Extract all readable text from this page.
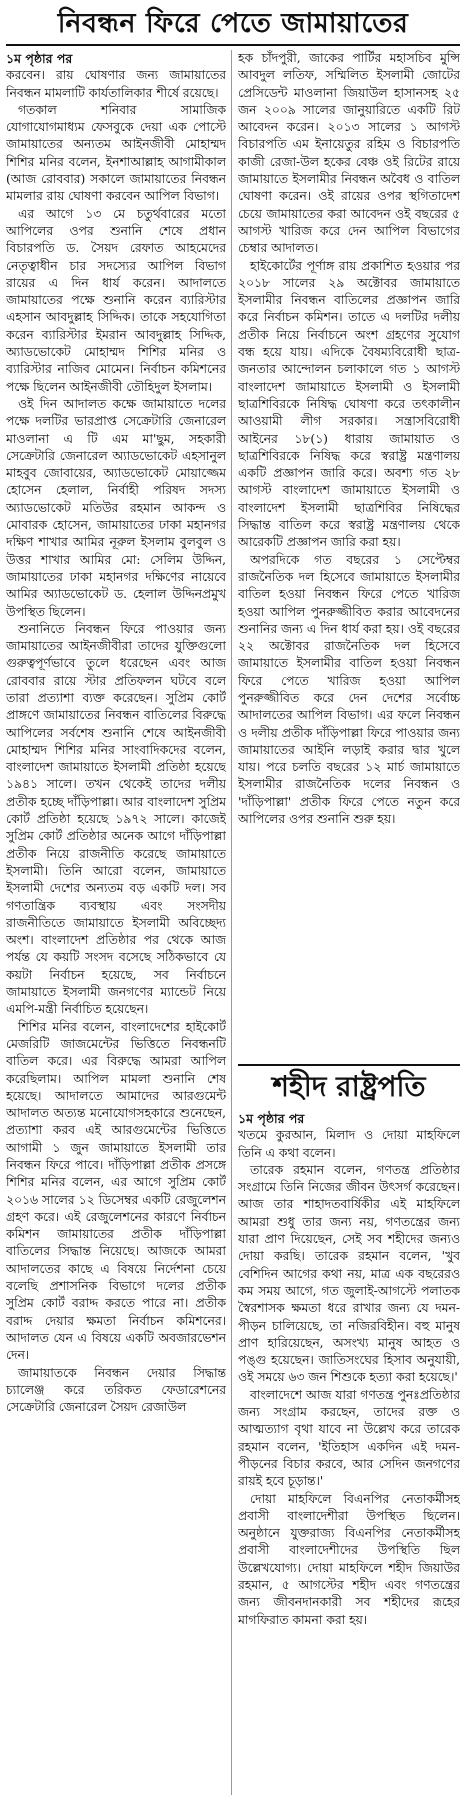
নিবন্ধন ফিরে পেতে জামায়াতের

১ম পৃষ্ঠার পর

করবেন। রায় ঘোষণার জন্য জামায়াতের নিবন্ধন মামলাটি কার্যতালিকার শীর্ষে রয়েছে।

গতকাল শনিবার সামাজিক যোগাযোগমাধ্যম ফেসবুকে দেয়া এক পোস্টে জামায়াতের অন্যতম আইনজীবী মোহাম্মদ শিশির মনির বলেন, ইনশাআল্লাহ আগামীকাল (আজ রোববার) সকালে জামায়াতের নিবন্ধন মামলার রায় ঘোষণা করবেন আপিল বিভাগ।

এর আগে ১৩ মে চতুর্থবারের মতো আপিলের ওপর শুনানি শেষে প্রধান বিচারপতি ড. সৈয়দ রেফাত আহমেদের নেতৃত্বাধীন চার সদস্যের আপিল বিভাগ রায়ের এ দিন ধার্য করেন। আদালতে জামায়াতের পক্ষে শুনানি করেন ব্যারিস্টার এহসান আবদুল্লাহ সিদ্দিক। তাকে সহযোগিতা করেন ব্যারিস্টার ইমরান আবদুল্লাহ সিদ্দিক, অ্যাডভোকেট মোহাম্মদ শিশির মনির ও ব্যারিস্টার নাজিব মোমেন। নির্বাচন কমিশনের পক্ষে ছিলেন আইনজীবী তৌহিদুল ইসলাম।

ওই দিন আদালত কক্ষে জামায়াতে দলের পক্ষে দলটির ভারপ্রাপ্ত সেক্রেটারি জেনারেল মাওলানা এ টি এম মা'ছুম, সহকারী সেক্রেটারি জেনারেল অ্যাডভোকেট এহসানুল মাহবুব জোবায়ের, অ্যাডভোকেট মোয়াজ্জেম হোসেন হেলাল, নির্বাহী পরিষদ সদস্য অ্যাডভোকেট মতিউর রহমান আকন্দ ও মোবারক হোসেন, জামায়াতের ঢাকা মহানগর দক্ষিণ শাখার আমির নূরুল ইসলাম বুলবুল ও উত্তর শাখার আমির মো: সেলিম উদ্দিন, জামায়াতের ঢাকা মহানগর দক্ষিণের নায়েবে আমির অ্যাডভোকেট ড. হেলাল উদ্দিনপ্রমুখ উপস্থিত ছিলেন।

শুনানিতে নিবন্ধন ফিরে পাওয়ার জন্য জামায়াতের আইনজীবীরা তাদের যুক্তিগুলো গুরুত্বপূর্ণভাবে তুলে ধরেছেন এবং আজ রোববার রায়ে স্টার প্রতিফলন ঘটবে বলে তারা প্রত্যাশা ব্যক্ত করেছেন। সুপ্রিম কোর্ট প্রাঙ্গণে জামায়াতের নিবন্ধন বাতিলের বিরুদ্ধে আপিলের সর্বশেষ শুনানি শেষে আইনজীবী মোহাম্মদ শিশির মনির সাংবাদিকদের বলেন, বাংলাদেশ জামায়াতে ইসলামী প্রতিষ্ঠা হয়েছে ১৯৪১ সালে। তখন থেকেই তাদের দলীয় প্রতীক হচ্ছে দাঁড়িপাল্লা। আর বাংলাদেশ সুপ্রিম কোর্ট প্রতিষ্ঠা হয়েছে ১৯৭২ সালে। কাজেই সুপ্রিম কোর্ট প্রতিষ্ঠার অনেক আগে দাঁড়িপাল্লা প্রতীক নিয়ে রাজনীতি করেছে জামায়াতে ইসলামী। তিনি আরো বলেন, জামায়াতে ইসলামী দেশের অন্যতম বড় একটি দল। সব গণতান্ত্রিক ব্যবস্থায় এবং সংসদীয় রাজনীতিতে জামায়াতে ইসলামী অবিচ্ছেদ্য অংশ। বাংলাদেশ প্রতিষ্ঠার পর থেকে আজ পর্যন্ত যে কয়টি সংসদ বসেছে সঠিকভাবে যে কয়টা নির্বাচন হয়েছে, সব নির্বাচনে জামায়াতে ইসলামী জনগণের ম্যান্ডেট নিয়ে এমপি-মন্ত্রী নির্বাচিত হয়েছেন।

শিশির মনির বলেন, বাংলাদেশের হাইকোর্ট মেজরিটি জাজমেন্টের ভিত্তিতে নিবন্ধনটি বাতিল করে। এর বিরুদ্ধে আমরা আপিল করেছিলাম। আপিল মামলা শুনানি শেষ হয়েছে। আদালতে আমাদের আরগুমেন্ট আদালত অত্যন্ত মনোযোগসহকারে শুনেছেন, প্রত্যাশা করব এই আরগুমেন্টের ভিত্তিতে আগামী ১ জুন জামায়াতে ইসলামী তার নিবন্ধন ফিরে পাবে। দাঁড়িপাল্লা প্রতীক প্রসঙ্গে শিশির মনির বলেন, এর আগে সুপ্রিম কোর্ট ২০১৬ সালের ১২ ডিসেম্বর একটি রেজুলেশন গ্রহণ করে। এই রেজুলেশনের কারণে নির্বাচন কমিশন জামায়াতের প্রতীক দাঁড়িপাল্লা বাতিলের সিদ্ধান্ত নিয়েছে। আজকে আমরা আদালতের কাছে এ বিষয়ে নির্দেশনা চেয়ে বলেছি প্রশাসনিক বিভাগে দলের প্রতীক সুপ্রিম কোর্ট বরাদ্দ করতে পারে না। প্রতীক বরাদ্দ দেয়ার ক্ষমতা নির্বাচন কমিশনের। আদালত যেন এ বিষয়ে একটি অবজারভেশন দেন।

জামায়াতকে নিবন্ধন দেয়ার সিদ্ধান্ত চ্যালেঞ্জ করে তরিকত ফেডারেশনের সেক্রেটারি জেনারেল সৈয়দ রেজাউল

হক চাঁদপুরী, জাকের পার্টির মহাসচিব মুন্সি আবদুল লতিফ, সম্মিলিত ইসলামী জোটের প্রেসিডেন্ট মাওলানা জিয়াউল হাসানসহ ২৫ জন ২০০৯ সালের জানুয়ারিতে একটি রিট আবেদন করেন। ২০১৩ সালের ১ আগস্ট বিচারপতি এম ইনায়েতুর রহিম ও বিচারপতি কাজী রেজা-উল হকের বেঞ্চ ওই রিটের রায়ে জামায়াতে ইসলামীর নিবন্ধন অবৈধ ও বাতিল ঘোষণা করেন। ওই রায়ের ওপর স্থগিতাদেশ চেয়ে জামায়াতের করা আবেদন ওই বছরের ৫ আগস্ট খারিজ করে দেন আপিল বিভাগের চেম্বার আদালত।

হাইকোর্টের পূর্ণাঙ্গ রায় প্রকাশিত হওয়ার পর ২০১৮ সালের ২৯ অক্টোবর জামায়াতে ইসলামীর নিবন্ধন বাতিলের প্রজ্ঞাপন জারি করে নির্বাচন কমিশন। তাতে এ দলটির দলীয় প্রতীক নিয়ে নির্বাচনে অংশ গ্রহণের সুযোগ বন্ধ হয়ে যায়। এদিকে বৈষম্যবিরোধী ছাত্র-জনতার আন্দোলন চলাকালে গত ১ আগস্ট বাংলাদেশ জামায়াতে ইসলামী ও ইসলামী ছাত্রশিবিরকে নিষিদ্ধ ঘোষণা করে তৎকালীন আওয়ামী লীগ সরকার। সন্ত্রাসবিরোধী আইনের ১৮(১) ধারায় জামায়াত ও ছাত্রশিবিরকে নিষিদ্ধ করে স্বরাষ্ট্র মন্ত্রণালয় একটি প্রজ্ঞাপন জারি করে। অবশ্য গত ২৮ আগস্ট বাংলাদেশ জামায়াতে ইসলামী ও বাংলাদেশ ইসলামী ছাত্রশিবির নিষিদ্ধের সিদ্ধান্ত বাতিল করে স্বরাষ্ট্র মন্ত্রণালয় থেকে আরেকটি প্রজ্ঞাপন জারি করা হয়।

অপরদিকে গত বছরের ১ সেপ্টেম্বর রাজনৈতিক দল হিসেবে জামায়াতে ইসলামীর বাতিল হওয়া নিবন্ধন ফিরে পেতে খারিজ হওয়া আপিল পুনরুজ্জীবিত করার আবেদনের শুনানির জন্য এ দিন ধার্য করা হয়। ওই বছরের ২২ অক্টোবর রাজনৈতিক দল হিসেবে জামায়াতে ইসলামীর বাতিল হওয়া নিবন্ধন ফিরে পেতে খারিজ হওয়া আপিল পুনরুজ্জীবিত করে দেন দেশের সর্বোচ্চ আদালতের আপিল বিভাগ। এর ফলে নিবন্ধন ও দলীয় প্রতীক দাঁড়িপাল্লা ফিরে পাওয়ার জন্য জামায়াতের আইনি লড়াই করার দ্বার খুলে যায়। পরে চলতি বছরের ১২ মার্চ জামায়াতে ইসলামীর রাজনৈতিক দলের নিবন্ধন ও 'দাঁড়িপাল্লা' প্রতীক ফিরে পেতে নতুন করে আপিলের ওপর শুনানি শুরু হয়।

শহীদ রাষ্ট্রপতি

১ম পৃষ্ঠার পর

খতমে কুরআন, মিলাদ ও দোয়া মাহফিলে তিনি এ কথা বলেন।

তারেক রহমান বলেন, গণতন্ত্র প্রতিষ্ঠার সংগ্রামে তিনি নিজের জীবন উৎসর্গ করেছেন। আজ তার শাহাদতবার্ষিকীর এই মাহফিলে আমরা শুধু তার জন্য নয়, গণতন্ত্রের জন্য যারা প্রাণ দিয়েছেন, সেই সব শহীদের জন্যও দোয়া করছি। তারেক রহমান বলেন, 'খুব বেশিদিন আগের কথা নয়, মাত্র এক বছরেরও কম সময় আগে, গত জুলাই-আগস্টে পলাতক স্বৈরশাসক ক্ষমতা ধরে রাখার জন্য যে দমন-পীড়ন চালিয়েছে, তা নজিরবিহীন। বহু মানুষ প্রাণ হারিয়েছেন, অসংখ্য মানুষ আহত ও পঙ্গু হয়েছেন। জাতিসংঘের হিসাব অনুযায়ী, ওই সময়ে ৬৩ জন শিশুকে হত্যা করা হয়েছে।'

বাংলাদেশে আজ যারা গণতন্ত্র পুনঃপ্রতিষ্ঠার জন্য সংগ্রাম করছেন, তাদের রক্ত ও আত্মত্যাগ বৃথা যাবে না উল্লেখ করে তারেক রহমান বলেন, 'ইতিহাস একদিন এই দমন-পীড়নের বিচার করবে, আর সেদিন জনগণের রায়ই হবে চূড়ান্ত।'

দোয়া মাহফিলে বিএনপির নেতাকর্মীসহ প্রবাসী বাংলাদেশীরা উপস্থিত ছিলেন। অনুষ্ঠানে যুক্তরাজ্য বিএনপির নেতাকর্মীসহ প্রবাসী বাংলাদেশীদের উপস্থিতি ছিল উল্লেখযোগ্য। দোয়া মাহফিলে শহীদ জিয়াউর রহমান, ৫ আগস্টের শহীদ এবং গণতন্ত্রের জন্য জীবনদানকারী সব শহীদের রূহের মাগফিরাত কামনা করা হয়।
